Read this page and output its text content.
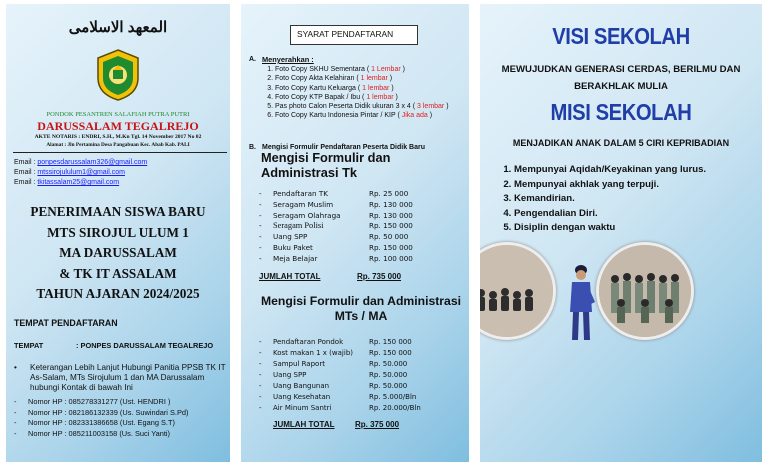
المعهد الاسلامى
PONDOK PESANTREN SALAFIAH PUTRA PUTRI
DARUSSALAM TEGALREJO
AKTE NOTARIS : ENDRI, S.H., M.Kn Tgl. 14 November 2017 No 02
Alamat : Jln Pertamina Desa Pangabuan Kec. Abab Kab. PALI
Email : ponpesdarussalam326@gmail.com
Email : mtssirojululum1@gmail.com
Email : tkitassalam25@gmail.com
PENERIMAAN SISWA BARU
MTS SIROJUL ULUM 1
MA DARUSSALAM
& TK IT ASSALAM
TAHUN AJARAN 2024/2025
TEMPAT PENDAFTARAN
TEMPAT	: PONPES DARUSSALAM TEGALREJO
• Keterangan Lebih Lanjut Hubungi Panitia PPSB TK IT As-Salam, MTs Sirojulum 1 dan MA Darussalam hubungi Kontak di bawah Ini
- Nomor HP : 085278331277 (Ust. HENDRI )
- Nomor HP : 082186132339 (Us. Suwindari S.Pd)
- Nomor HP : 082331386658 (Ust. Egang S.T)
- Nomor HP : 085211003158 (Us. Suci Yanti)
SYARAT PENDAFTARAN
A. Menyerahkan :
1. Foto Copy SKHU Sementara ( 1 Lembar )
2. Foto Copy Akta Kelahiran ( 1 lembar )
3. Foto Copy Kartu Keluarga ( 1 lembar )
4. Foto Copy KTP Bapak / Ibu ( 1 lembar )
5. Pas photo Calon Peserta Didik ukuran 3 x 4 ( 3 lembar )
6. Foto Copy Kartu Indonesia Pintar / KIP ( Jika ada )
B. Mengisi Formulir Pendaftaran Peserta Didik Baru
Mengisi Formulir dan Administrasi Tk
-	Pendaftaran TK	Rp. 25 000
-	Seragam Muslim	Rp. 130 000
-	Seragam Olahraga	Rp. 130 000
-	Seragam Polisi	Rp. 150 000
-	Uang SPP	Rp. 50 000
-	Buku Paket	Rp. 150 000
-	Meja Belajar	Rp. 100 000
JUMLAH TOTAL	Rp. 735 000
Mengisi Formulir dan Administrasi MTs / MA
-	Pendaftaran Pondok	Rp. 150 000
-	Kost makan 1 x (wajib)	Rp. 150 000
-	Sampul Raport	Rp. 50.000
-	Uang SPP	Rp. 50.000
-	Uang Bangunan	Rp. 50.000
-	Uang Kesehatan	Rp. 5.000/Bln
-	Air Minum Santri	Rp. 20.000/Bln
JUMLAH TOTAL	Rp. 375 000
VISI SEKOLAH
MEWUJUDKAN GENERASI CERDAS, BERILMU DAN BERAKHLAK MULIA
MISI SEKOLAH
MENJADIKAN ANAK DALAM 5 CIRI KEPRIBADIAN
1. Mempunyai Aqidah/Keyakinan yang lurus.
2. Mempunyai akhlak yang terpuji.
3. Kemandirian.
4. Pengendalian Diri.
5. Disiplin dengan waktu
